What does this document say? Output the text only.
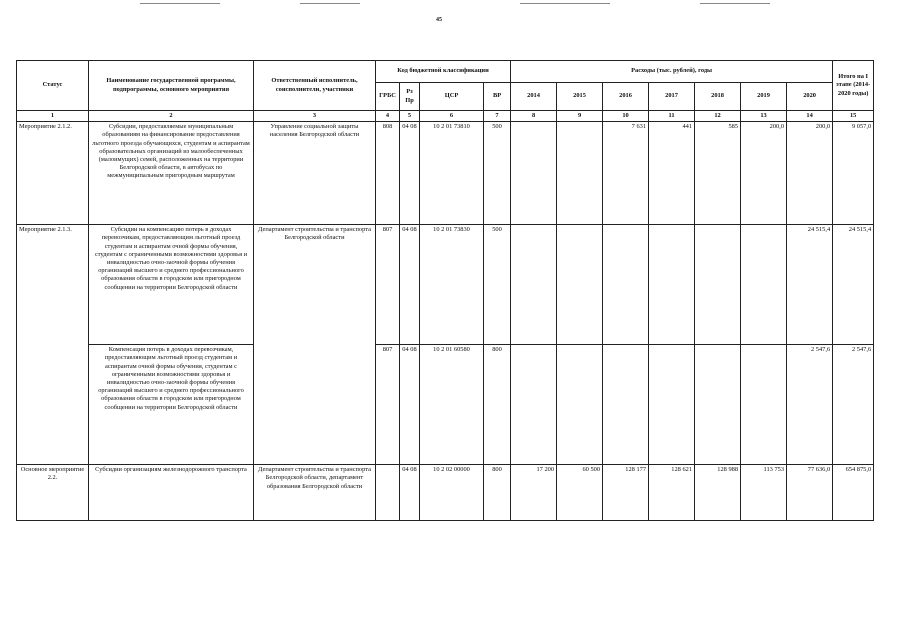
45
Статус	Наименование государственной программы, подпрограммы, основного мероприятия	Ответственный исполнитель, соисполнители, участники	Код бюджетной классификации				Расходы (тыс. рублей), годы							Итого на I этапе (2014-2020 годы)
			ГРБС	Рз Пр	ЦСР	ВР	2014	2015	2016	2017	2018	2019	2020	
1	2	3	4	5	6	7	8	9	10	11	12	13	14	15
Мероприятие 2.1.2.	Субсидии, предоставляемые муниципальным образованиям на финансирование предоставления льготного проезда обучающихся, студентам и аспирантам образовательных организаций из малообеспеченных (малоимущих) семей, расположенных на территории Белгородской области, в автобусах по межмуниципальным пригородным маршрутам	Управление социальной защиты населения Белгородской области	808	04 08	10 2 01 73810	500			7 631	441	585	200,0	200,0	9 057,0
Мероприятие 2.1.3.	Субсидии на компенсацию потерь в доходах перевозчикам, предоставляющим льготный проезд студентам и аспирантам очной формы обучения, студентам с ограниченными возможностями здоровья и инвалидностью очно-заочной формы обучения организаций высшего и среднего профессионального образования области в городском или пригородном сообщении на территории Белгородской области	Департамент строительства и транспорта Белгородской области	807	04 08	10 2 01 73830	500							24 515,4	24 515,4
	Компенсация потерь в доходах перевозчикам, предоставляющим льготный проезд студентам и аспирантам очной формы обучения, студентам с ограниченными возможностями здоровья и инвалидностью очно-заочной формы обучения организаций высшего и среднего профессионального образования области в городском или пригородном сообщении на территории Белгородской области		807	04 08	10 2 01 60580	800							2 547,6	2 547,6
Основное мероприятие 2.2.	Субсидии организациям железнодорожного транспорта	Департамент строительства и транспорта Белгородской области, департамент образования Белгородской области		04 08	10 2 02 00000	800	17 200	60 500	128 177	128 621	128 988	113 753	77 636,0	654 875,0
